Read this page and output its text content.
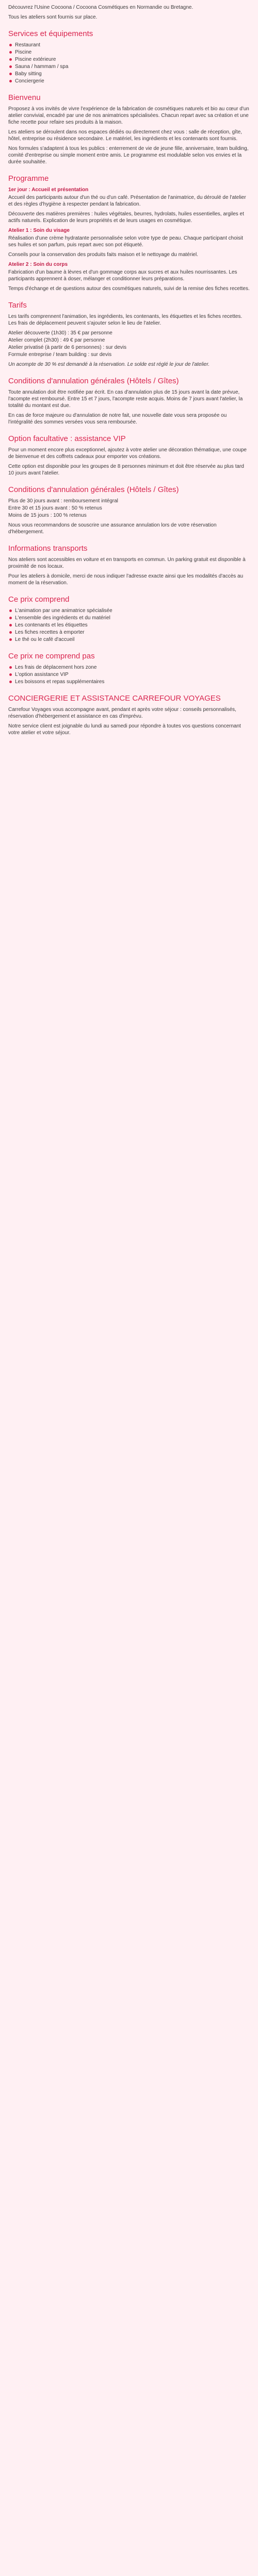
Découvrez l'Usine Cocoona / Cocoona Cosmétiques en Normandie ou Bretagne.

Tous les ateliers sont fournis sur place.

Services et équipements
Restaurant
Piscine
Piscine extérieure
Sauna / hammam / spa
Baby sitting
Conciergerie
Bienvenu

Proposez à vos invités de vivre l'expérience de la fabrication de cosmétiques naturels et bio au cœur d'un atelier convivial, encadré par une de nos animatrices spécialisées. Chacun repart avec sa création et une fiche recette pour refaire ses produits à la maison.

Les ateliers se déroulent dans nos espaces dédiés ou directement chez vous : salle de réception, gîte, hôtel, entreprise ou résidence secondaire. Le matériel, les ingrédients et les contenants sont fournis.

Nos formules s'adaptent à tous les publics : enterrement de vie de jeune fille, anniversaire, team building, comité d'entreprise ou simple moment entre amis. Le programme est modulable selon vos envies et la durée souhaitée.

Programme
1er jour : Accueil et présentation

Accueil des participants autour d'un thé ou d'un café. Présentation de l'animatrice, du déroulé de l'atelier et des règles d'hygiène à respecter pendant la fabrication.

Découverte des matières premières : huiles végétales, beurres, hydrolats, huiles essentielles, argiles et actifs naturels. Explication de leurs propriétés et de leurs usages en cosmétique.

Atelier 1 : Soin du visage

Réalisation d'une crème hydratante personnalisée selon votre type de peau. Chaque participant choisit ses huiles et son parfum, puis repart avec son pot étiqueté.

Conseils pour la conservation des produits faits maison et le nettoyage du matériel.

Atelier 2 : Soin du corps

Fabrication d'un baume à lèvres et d'un gommage corps aux sucres et aux huiles nourrissantes. Les participants apprennent à doser, mélanger et conditionner leurs préparations.

Temps d'échange et de questions autour des cosmétiques naturels, suivi de la remise des fiches recettes.

Tarifs

Les tarifs comprennent l'animation, les ingrédients, les contenants, les étiquettes et les fiches recettes. Les frais de déplacement peuvent s'ajouter selon le lieu de l'atelier.

Atelier découverte (1h30) : 35 € par personne
Atelier complet (2h30) : 49 € par personne
Atelier privatisé (à partir de 6 personnes) : sur devis
Formule entreprise / team building : sur devis

Un acompte de 30 % est demandé à la réservation. Le solde est réglé le jour de l'atelier.

Conditions d'annulation générales (Hôtels / Gîtes)

Toute annulation doit être notifiée par écrit. En cas d'annulation plus de 15 jours avant la date prévue, l'acompte est remboursé. Entre 15 et 7 jours, l'acompte reste acquis. Moins de 7 jours avant l'atelier, la totalité du montant est due.

En cas de force majeure ou d'annulation de notre fait, une nouvelle date vous sera proposée ou l'intégralité des sommes versées vous sera remboursée.

Option facultative : assistance VIP

Pour un moment encore plus exceptionnel, ajoutez à votre atelier une décoration thématique, une coupe de bienvenue et des coffrets cadeaux pour emporter vos créations.

Cette option est disponible pour les groupes de 8 personnes minimum et doit être réservée au plus tard 10 jours avant l'atelier.

Conditions d'annulation générales (Hôtels / Gîtes)
Plus de 30 jours avant : remboursement intégral
Entre 30 et 15 jours avant : 50 % retenus
Moins de 15 jours : 100 % retenus

Nous vous recommandons de souscrire une assurance annulation lors de votre réservation d'hébergement.

Informations transports

Nos ateliers sont accessibles en voiture et en transports en commun. Un parking gratuit est disponible à proximité de nos locaux.

Pour les ateliers à domicile, merci de nous indiquer l'adresse exacte ainsi que les modalités d'accès au moment de la réservation.

Ce prix comprend
L'animation par une animatrice spécialisée
L'ensemble des ingrédients et du matériel
Les contenants et les étiquettes
Les fiches recettes à emporter
Le thé ou le café d'accueil
Ce prix ne comprend pas
Les frais de déplacement hors zone
L'option assistance VIP
Les boissons et repas supplémentaires
CONCIERGERIE ET ASSISTANCE CARREFOUR VOYAGES

Carrefour Voyages vous accompagne avant, pendant et après votre séjour : conseils personnalisés, réservation d'hébergement et assistance en cas d'imprévu.

Notre service client est joignable du lundi au samedi pour répondre à toutes vos questions concernant votre atelier et votre séjour.
